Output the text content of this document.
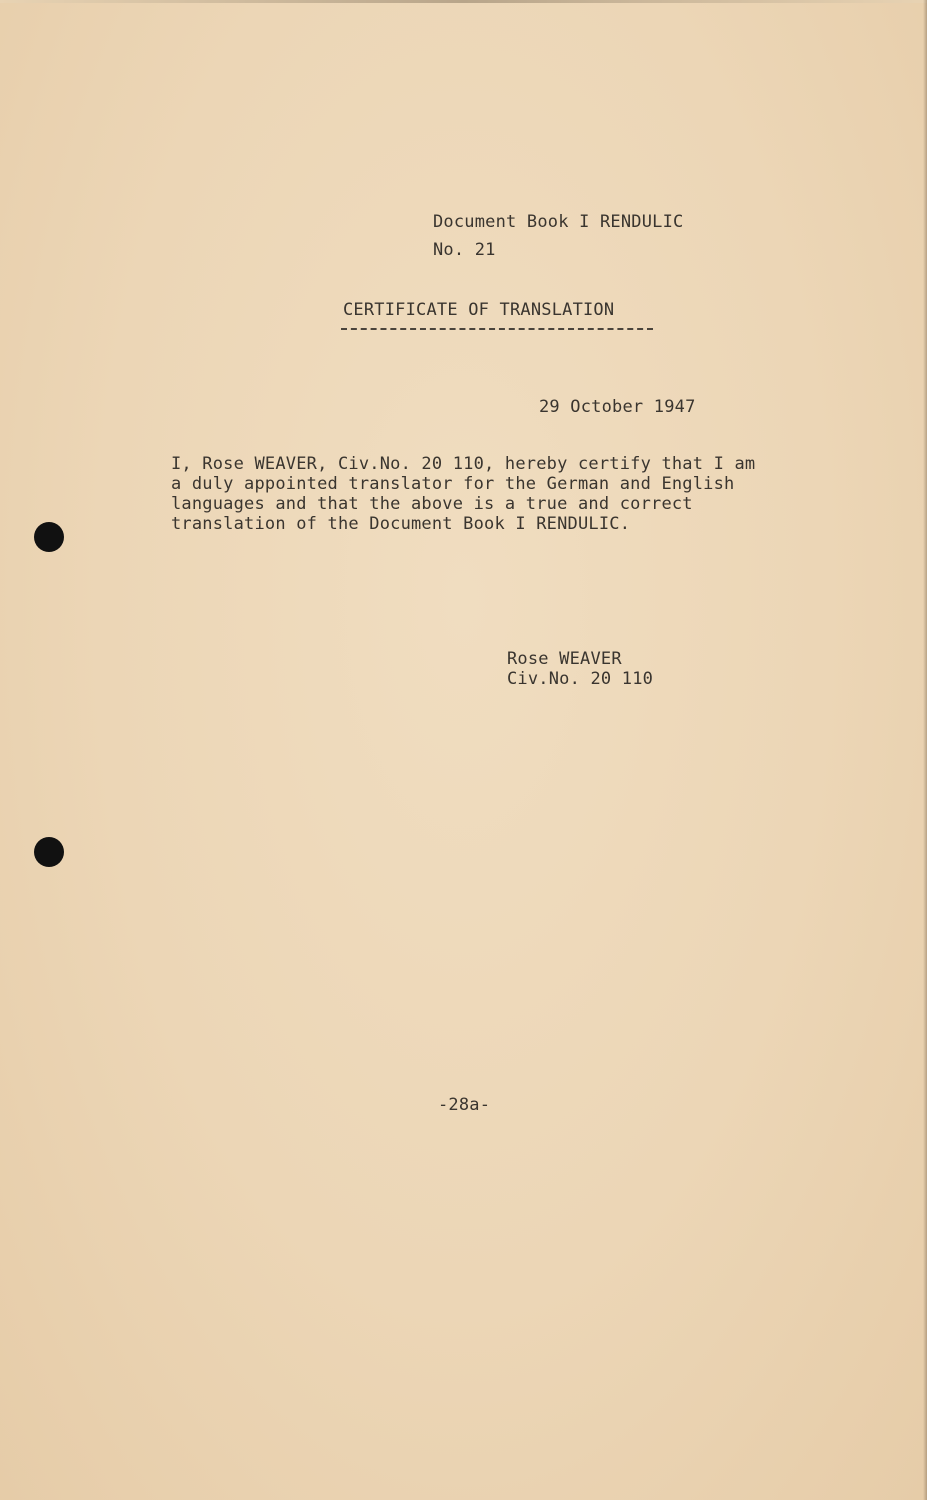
Document Book I RENDULIC
No. 21
CERTIFICATE OF TRANSLATION
29 October 1947
I, Rose WEAVER, Civ.No. 20 110, hereby certify that I am
a duly appointed translator for the German and English
languages and that the above is a true and correct
translation of the Document Book I RENDULIC.
Rose WEAVER
Civ.No. 20 110
-28a-
